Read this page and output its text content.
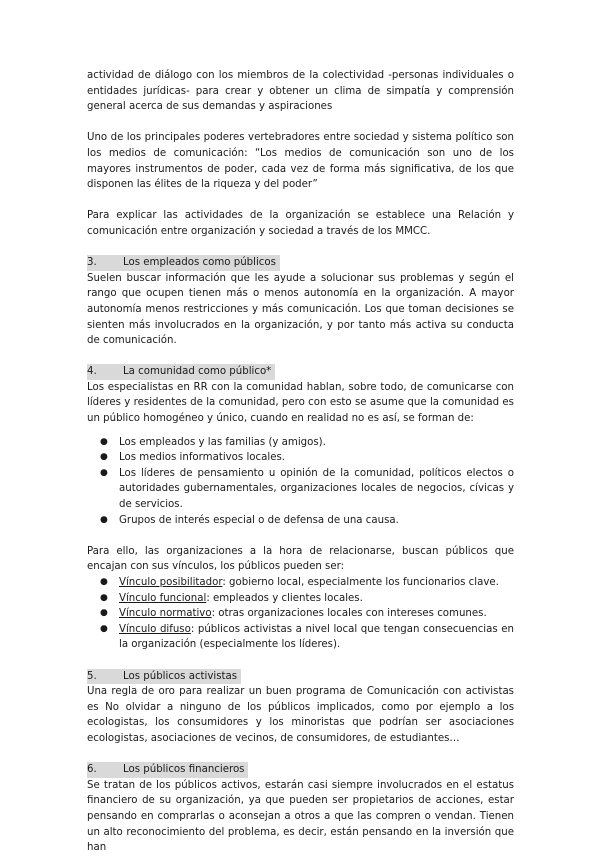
actividad de diálogo con los miembros de la colectividad -personas individuales o entidades jurídicas- para crear y obtener un clima de simpatía y comprensión general acerca de sus demandas y aspiraciones

Uno de los principales poderes vertebradores entre sociedad y sistema político son los medios de comunicación: “Los medios de comunicación son uno de los mayores instrumentos de poder, cada vez de forma más significativa, de los que disponen las élites de la riqueza y del poder”

Para explicar las actividades de la organización se establece una Relación y comunicación entre organización y sociedad a través de los MMCC.

3.	Los empleados como públicos

Suelen buscar información que les ayude a solucionar sus problemas y según el rango que ocupen tienen más o menos autonomía en la organización. A mayor autonomía menos restricciones y más comunicación. Los que toman decisiones se sienten más involucrados en la organización, y por tanto más activa su conducta de comunicación.

4.	La comunidad como público*

Los especialistas en RR con la comunidad hablan, sobre todo, de comunicarse con líderes y residentes de la comunidad, pero con esto se asume que la comunidad es un público homogéneo y único, cuando en realidad no es así, se forman de:

● Los empleados y las familias (y amigos).
● Los medios informativos locales.
● Los líderes de pensamiento u opinión de la comunidad, políticos electos o autoridades gubernamentales, organizaciones locales de negocios, cívicas y de servicios.
● Grupos de interés especial o de defensa de una causa.

Para ello, las organizaciones a la hora de relacionarse, buscan públicos que encajan con sus vínculos, los públicos pueden ser:

● Vínculo posibilitador: gobierno local, especialmente los funcionarios clave.
● Vínculo funcional: empleados y clientes locales.
● Vínculo normativo: otras organizaciones locales con intereses comunes.
● Vínculo difuso: públicos activistas a nivel local que tengan consecuencias en la organización (especialmente los líderes).
5.	Los públicos activistas

Una regla de oro para realizar un buen programa de Comunicación con activistas es No olvidar a ninguno de los públicos implicados, como por ejemplo a los ecologistas, los consumidores y los minoristas que podrían ser asociaciones ecologistas, asociaciones de vecinos, de consumidores, de estudiantes…

6.	Los públicos financieros

Se tratan de los públicos activos, estarán casi siempre involucrados en el estatus financiero de su organización, ya que pueden ser propietarios de acciones, estar pensando en comprarlas o aconsejan a otros a que las compren o vendan. Tienen un alto reconocimiento del problema, es decir, están pensando en la inversión que han
